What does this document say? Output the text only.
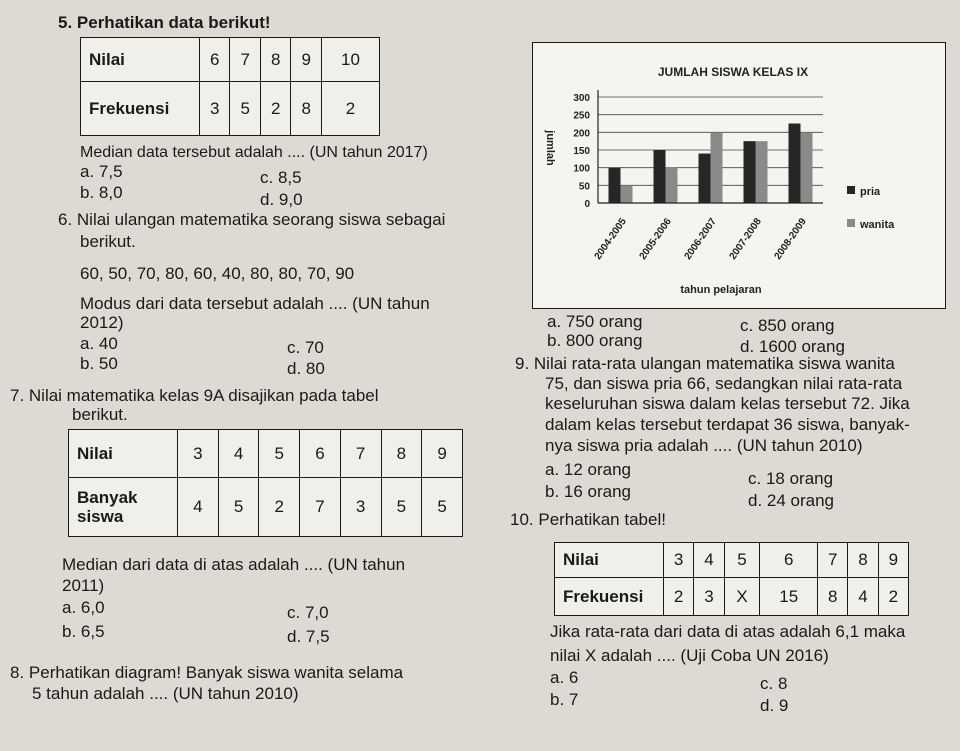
5. Perhatikan data berikut!
Nilai	6	7	8	9	10
Frekuensi	3	5	2	8	2
Median data tersebut adalah .... (UN tahun 2017)
a. 7,5	c. 8,5
b. 8,0	d. 9,0
6. Nilai ulangan matematika seorang siswa sebagai
berikut.
60, 50, 70, 80, 60, 40, 80, 80, 70, 90
Modus dari data tersebut adalah .... (UN tahun
2012)
a. 40	c. 70
b. 50	d. 80
7. Nilai matematika kelas 9A disajikan pada tabel
berikut.
Nilai	3	4	5	6	7	8	9
Banyak
siswa	4	5	2	7	3	5	5
Median dari data di atas adalah .... (UN tahun
2011)
a. 6,0	c. 7,0
b. 6,5	d. 7,5
8. Perhatikan diagram! Banyak siswa wanita selama
5 tahun adalah .... (UN tahun 2010)
JUMLAH SISWA KELAS IX
0
50
100
150
200
250
300
2004-2005 2005-2006 2006-2007 2007-2008 2008-2009
jumlah
tahun pelajaran
pria
wanita
a. 750 orang	c. 850 orang
b. 800 orang	d. 1600 orang
9. Nilai rata-rata ulangan matematika siswa wanita
75, dan siswa pria 66, sedangkan nilai rata-rata
keseluruhan siswa dalam kelas tersebut 72. Jika
dalam kelas tersebut terdapat 36 siswa, banyak-
nya siswa pria adalah .... (UN tahun 2010)
a. 12 orang	c. 18 orang
b. 16 orang	d. 24 orang
10. Perhatikan tabel!
Nilai	3	4	5	6	7	8	9
Frekuensi	2	3	X	15	8	4	2
Jika rata-rata dari data di atas adalah 6,1 maka
nilai X adalah .... (Uji Coba UN 2016)
a. 6	c. 8
b. 7	d. 9
